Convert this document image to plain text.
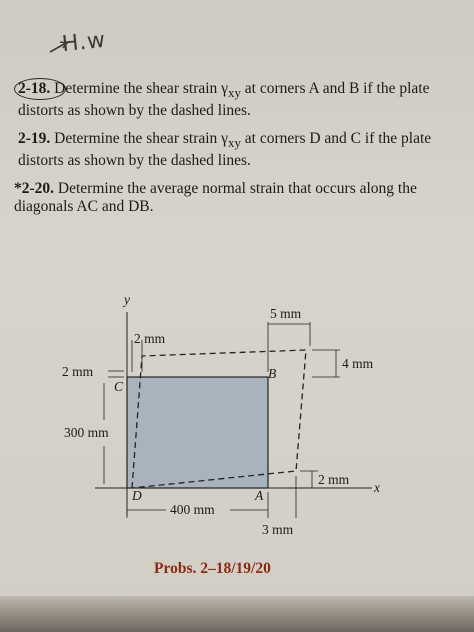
H.w
2-18. Determine the shear strain $\gamma_{xy}$ at corners A and B if the plate distorts as shown by the dashed lines.
2-19. Determine the shear strain $\gamma_{xy}$ at corners D and C if the plate distorts as shown by the dashed lines.
*2-20. Determine the average normal strain that occurs along the diagonals AC and DB.
y
x
2 mm
2 mm
300 mm
5 mm
4 mm
2 mm
400 mm
3 mm
C
B
D	A
Probs. 2–18/19/20
